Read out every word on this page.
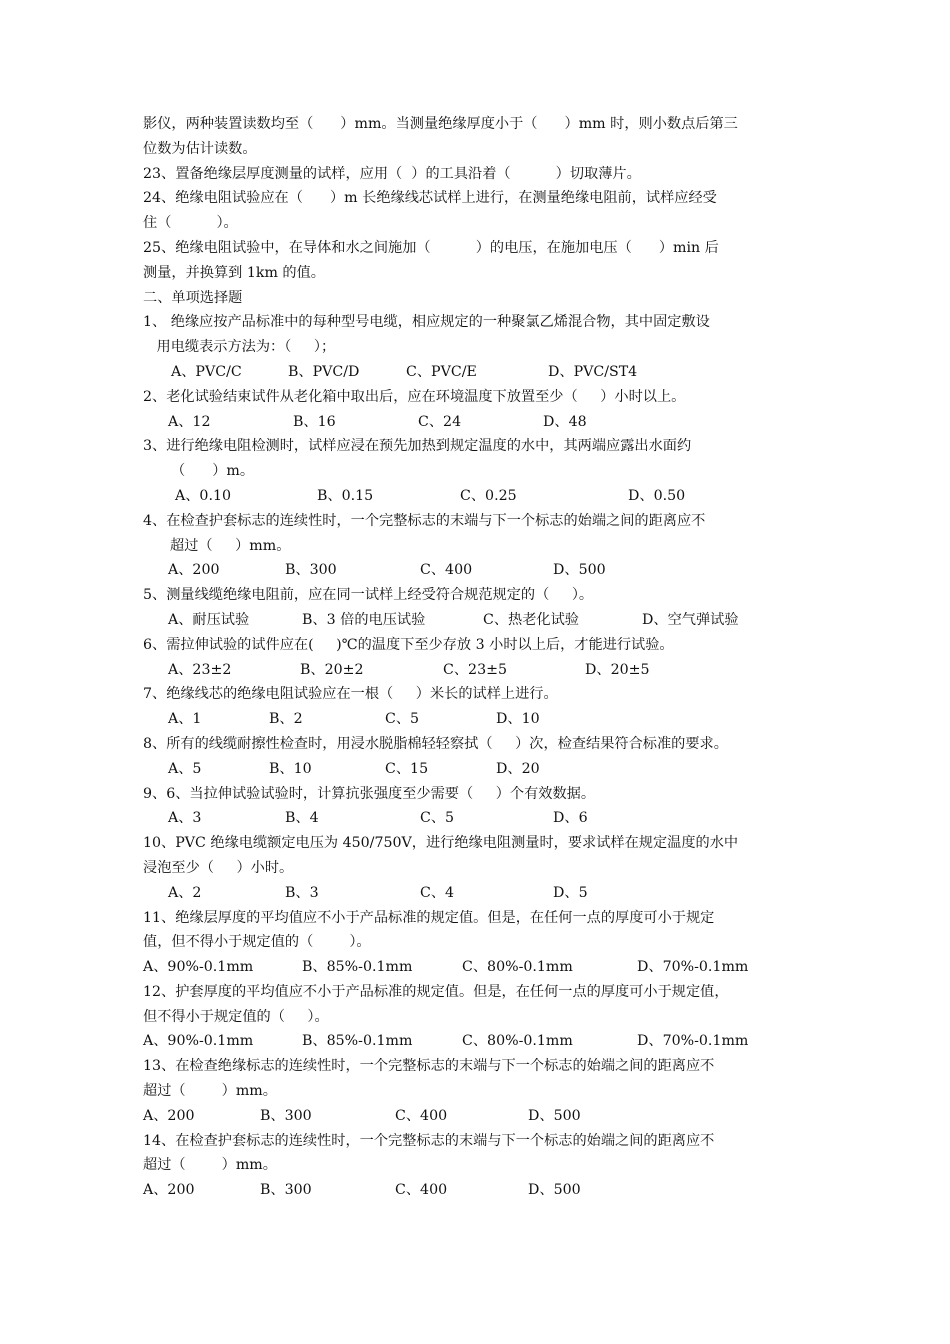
影仪，两种装置读数均至（      ）mm。当测量绝缘厚度小于（      ）mm 时，则小数点后第三
位数为估计读数。
23、置备绝缘层厚度测量的试样，应用（  ）的工具沿着（          ）切取薄片。
24、绝缘电阻试验应在（      ）m 长绝缘线芯试样上进行，在测量绝缘电阻前，试样应经受
住（          ）。
25、绝缘电阻试验中，在导体和水之间施加（          ）的电压，在施加电压（      ）min 后
测量，并换算到 1km 的值。
二、单项选择题
1、 绝缘应按产品标准中的每种型号电缆，相应规定的一种聚氯乙烯混合物，其中固定敷设
用电缆表示方法为：（     ）；
A、PVC/C	B、PVC/D	C、PVC/E	D、PVC/ST4
2、老化试验结束试件从老化箱中取出后，应在环境温度下放置至少（     ）小时以上。
A、12	B、16	C、24	D、48
3、进行绝缘电阻检测时，试样应浸在预先加热到规定温度的水中，其两端应露出水面约
（      ）m。
A、0.10	B、0.15	C、0.25	D、0.50
4、在检查护套标志的连续性时，一个完整标志的末端与下一个标志的始端之间的距离应不
超过（     ）mm。
A、200	B、300	C、400	D、500
5、测量线缆绝缘电阻前，应在同一试样上经受符合规范规定的（     ）。
A、耐压试验	B、3 倍的电压试验	C、热老化试验	D、空气弹试验
6、需拉伸试验的试件应在(     )℃的温度下至少存放 3 小时以上后，才能进行试验。
A、23±2	B、20±2	C、23±5	D、20±5
7、绝缘线芯的绝缘电阻试验应在一根（     ）米长的试样上进行。
A、1	B、2	C、5	D、10
8、所有的线缆耐擦性检查时，用浸水脱脂棉轻轻察拭（     ）次，检查结果符合标准的要求。
A、5	B、10	C、15	D、20
9、6、当拉伸试验试验时，计算抗张强度至少需要（     ）个有效数据。
A、3	B、4	C、5	D、6
10、PVC 绝缘电缆额定电压为 450/750V，进行绝缘电阻测量时，要求试样在规定温度的水中
浸泡至少（     ）小时。
A、2	B、3	C、4	D、5
11、绝缘层厚度的平均值应不小于产品标准的规定值。但是，在任何一点的厚度可小于规定
值，但不得小于规定值的（        ）。
A、90%-0.1mm	B、85%-0.1mm	C、80%-0.1mm	D、70%-0.1mm
12、护套厚度的平均值应不小于产品标准的规定值。但是，在任何一点的厚度可小于规定值，
但不得小于规定值的（     ）。
A、90%-0.1mm	B、85%-0.1mm	C、80%-0.1mm	D、70%-0.1mm
13、在检查绝缘标志的连续性时，一个完整标志的末端与下一个标志的始端之间的距离应不
超过（        ）mm。
A、200	B、300	C、400	D、500
14、在检查护套标志的连续性时，一个完整标志的末端与下一个标志的始端之间的距离应不
超过（        ）mm。
A、200	B、300	C、400	D、500
